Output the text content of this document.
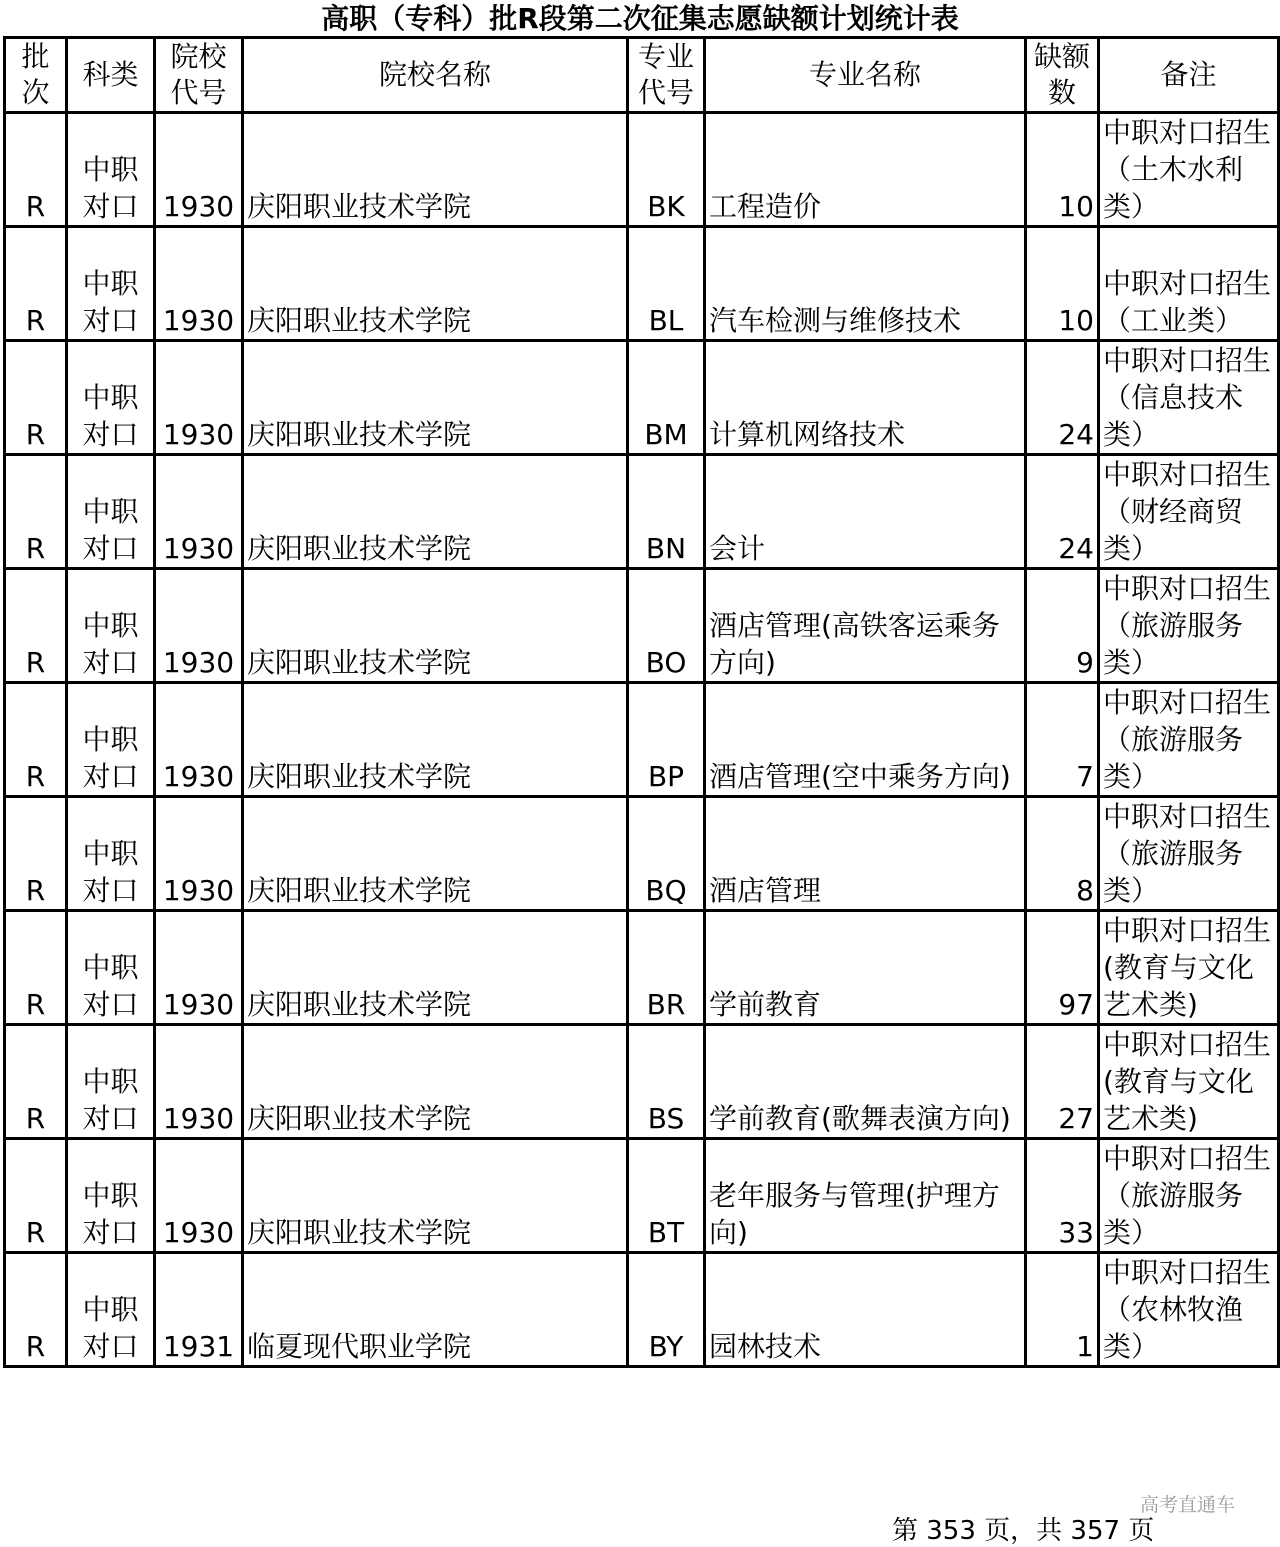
高职（专科）批R段第二次征集志愿缺额计划统计表
批次	科类	院校代号	院校名称	专业代号	专业名称	缺额数	备注
R	中职对口	1930	庆阳职业技术学院	BK	工程造价	10	中职对口招生（土木水利类）
R	中职对口	1930	庆阳职业技术学院	BL	汽车检测与维修技术	10	中职对口招生（工业类）
R	中职对口	1930	庆阳职业技术学院	BM	计算机网络技术	24	中职对口招生（信息技术类）
R	中职对口	1930	庆阳职业技术学院	BN	会计	24	中职对口招生（财经商贸类）
R	中职对口	1930	庆阳职业技术学院	BO	酒店管理(高铁客运乘务方向)	9	中职对口招生（旅游服务类）
R	中职对口	1930	庆阳职业技术学院	BP	酒店管理(空中乘务方向)	7	中职对口招生（旅游服务类）
R	中职对口	1930	庆阳职业技术学院	BQ	酒店管理	8	中职对口招生（旅游服务类）
R	中职对口	1930	庆阳职业技术学院	BR	学前教育	97	中职对口招生(教育与文化艺术类)
R	中职对口	1930	庆阳职业技术学院	BS	学前教育(歌舞表演方向)	27	中职对口招生(教育与文化艺术类)
R	中职对口	1930	庆阳职业技术学院	BT	老年服务与管理(护理方向)	33	中职对口招生（旅游服务类）
R	中职对口	1931	临夏现代职业学院	BY	园林技术	1	中职对口招生（农林牧渔类）
高考直通车
第 353 页，共 357 页
